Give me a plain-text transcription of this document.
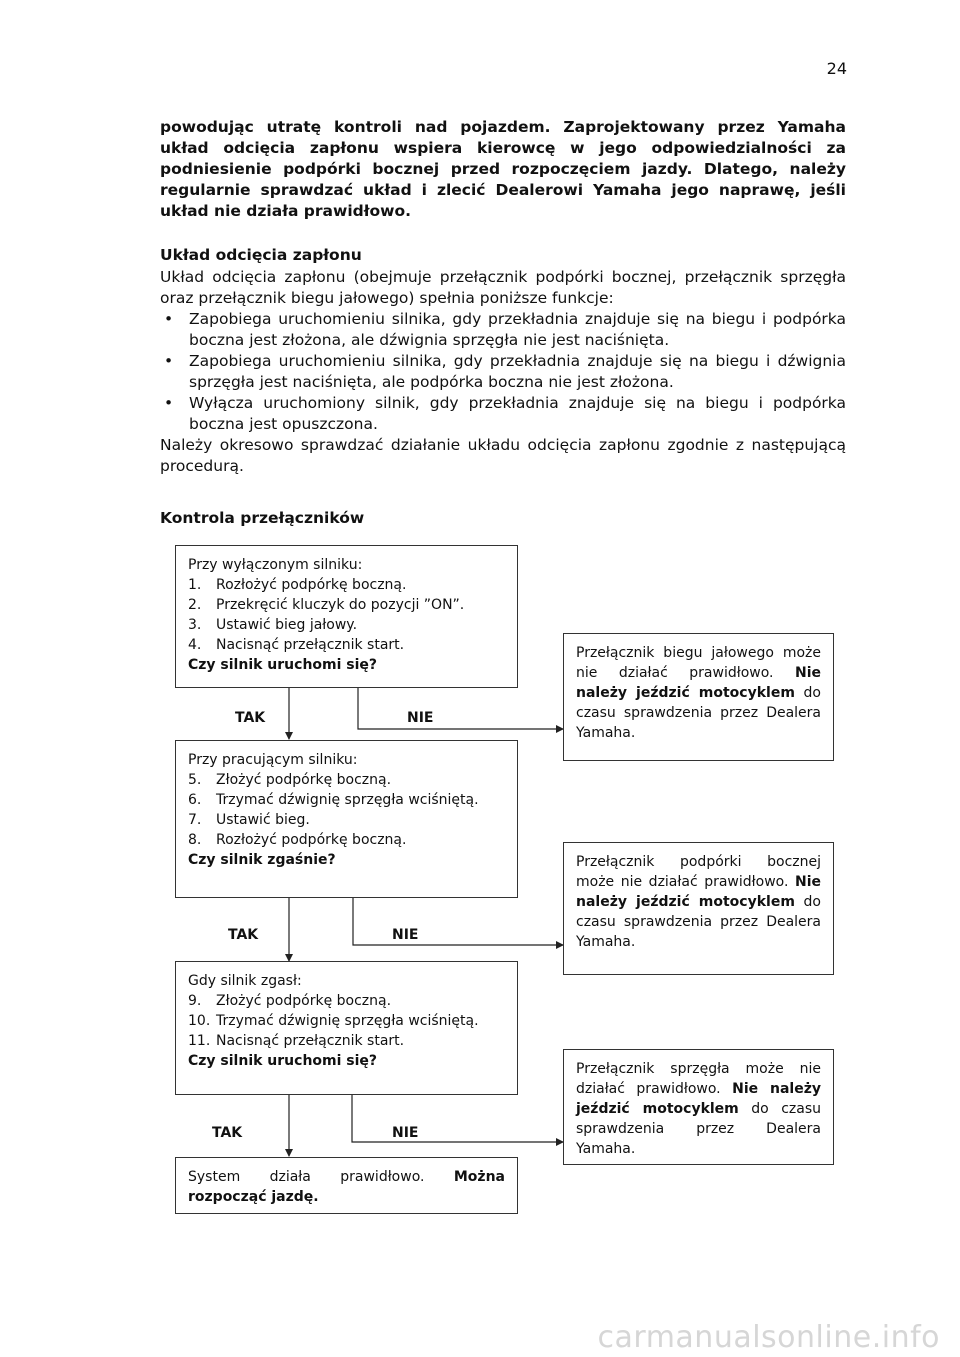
24
powodując utratę kontroli nad pojazdem. Zaprojektowany przez Yamaha układ odcięcia zapłonu wspiera kierowcę w jego odpowiedzialności za podniesienie podpórki bocznej przed rozpoczęciem jazdy. Dlatego, należy regularnie sprawdzać układ i zlecić Dealerowi Yamaha jego naprawę, jeśli układ nie działa prawidłowo.
Układ odcięcia zapłonu
Układ odcięcia zapłonu (obejmuje przełącznik podpórki bocznej, przełącznik sprzęgła oraz przełącznik biegu jałowego) spełnia poniższe funkcje:
• Zapobiega uruchomieniu silnika, gdy przekładnia znajduje się na biegu i podpórka boczna jest złożona, ale dźwignia sprzęgła nie jest naciśnięta.
• Zapobiega uruchomieniu silnika, gdy przekładnia znajduje się na biegu i dźwignia sprzęgła jest naciśnięta, ale podpórka boczna nie jest złożona.
• Wyłącza uruchomiony silnik, gdy przekładnia znajduje się na biegu i podpórka boczna jest opuszczona.
Należy okresowo sprawdzać działanie układu odcięcia zapłonu zgodnie z następującą procedurą.
Kontrola przełączników
Przy wyłączonym silniku:
1. Rozłożyć podpórkę boczną.
2. Przekręcić kluczyk do pozycji ”ON”.
3. Ustawić bieg jałowy.
4. Nacisnąć przełącznik start.
Czy silnik uruchomi się?
Przy pracującym silniku:
5. Złożyć podpórkę boczną.
6. Trzymać dźwignię sprzęgła wciśniętą.
7. Ustawić bieg.
8. Rozłożyć podpórkę boczną.
Czy silnik zgaśnie?
Gdy silnik zgasł:
9. Złożyć podpórkę boczną.
10. Trzymać dźwignię sprzęgła wciśniętą.
11. Nacisnąć przełącznik start.
Czy silnik uruchomi się?
System działa prawidłowo. Można rozpocząć jazdę.
Przełącznik biegu jałowego może nie działać prawidłowo. Nie należy jeździć motocyklem do czasu sprawdzenia przez Dealera Yamaha.
Przełącznik podpórki bocznej może nie działać prawidłowo. Nie należy jeździć motocyklem do czasu sprawdzenia przez Dealera Yamaha.
Przełącznik sprzęgła może nie działać prawidłowo. Nie należy jeździć motocyklem do czasu sprawdzenia przez Dealera Yamaha.
TAK	NIE
TAK	NIE
TAK	NIE
carmanualsonline.info
